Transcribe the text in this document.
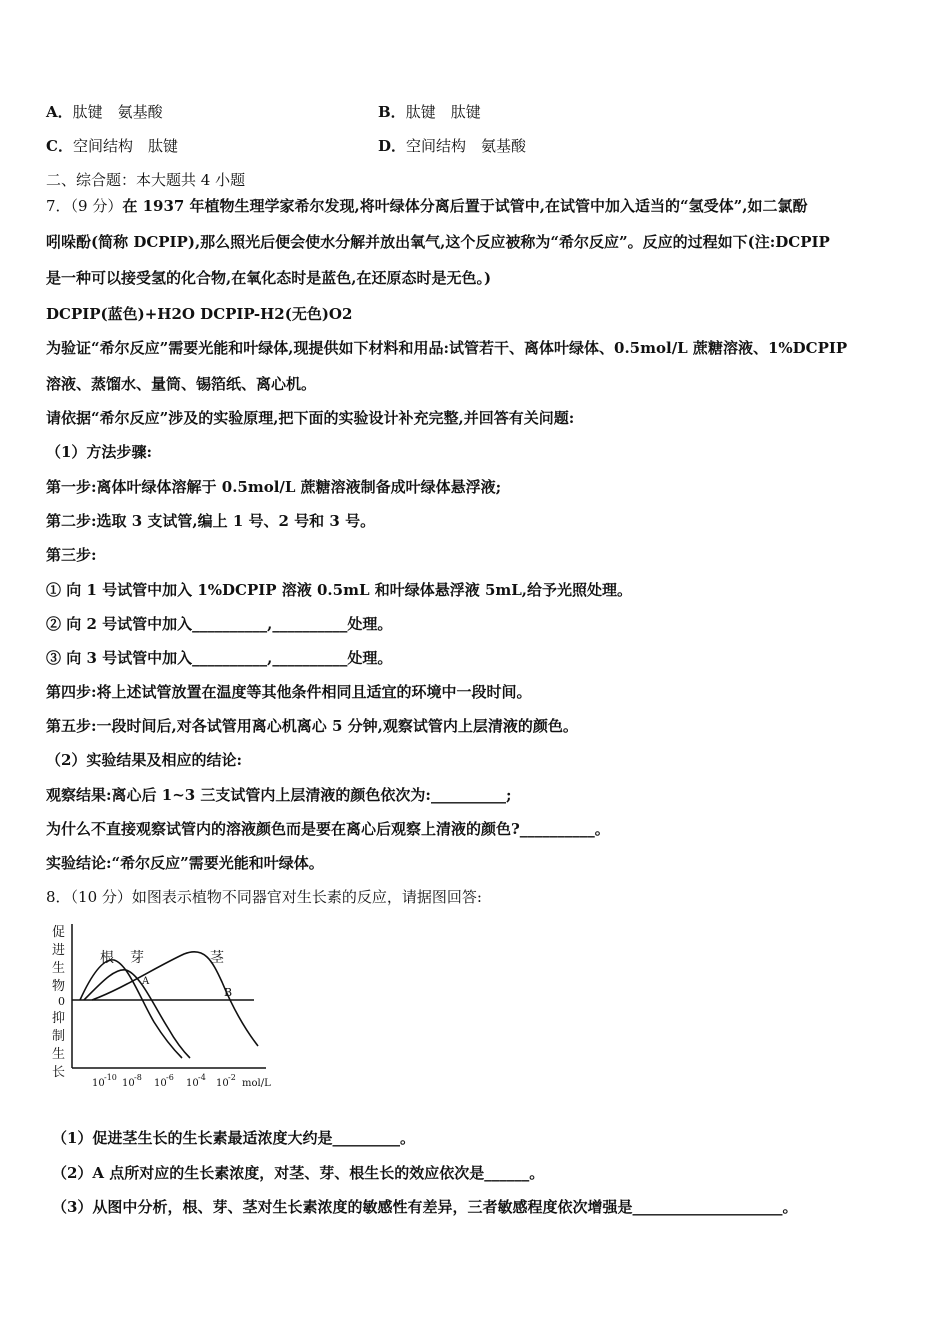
A．肽键　氨基酸	B．肽键　肽键
C．空间结构　肽键	D．空间结构　氨基酸
二、综合题：本大题共 4 小题
7．（9 分）在 1937 年植物生理学家希尔发现,将叶绿体分离后置于试管中,在试管中加入适当的“氢受体”,如二氯酚
吲哚酚(简称 DCPIP),那么照光后便会使水分解并放出氧气,这个反应被称为“希尔反应”。反应的过程如下(注:DCPIP
是一种可以接受氢的化合物,在氧化态时是蓝色,在还原态时是无色。)
DCPIP(蓝色)+H2O DCPIP-H2(无色)O2
为验证“希尔反应”需要光能和叶绿体,现提供如下材料和用品:试管若干、离体叶绿体、0.5mol/L 蔗糖溶液、1%DCPIP
溶液、蒸馏水、量筒、锡箔纸、离心机。
请依据“希尔反应”涉及的实验原理,把下面的实验设计补充完整,并回答有关问题:
（1）方法步骤:
第一步:离体叶绿体溶解于 0.5mol/L 蔗糖溶液制备成叶绿体悬浮液;
第二步:选取 3 支试管,编上 1 号、2 号和 3 号。
第三步:
① 向 1 号试管中加入 1%DCPIP 溶液 0.5mL 和叶绿体悬浮液 5mL,给予光照处理。
② 向 2 号试管中加入__________,__________处理。
③ 向 3 号试管中加入__________,__________处理。
第四步:将上述试管放置在温度等其他条件相同且适宜的环境中一段时间。
第五步:一段时间后,对各试管用离心机离心 5 分钟,观察试管内上层清液的颜色。
（2）实验结果及相应的结论:
观察结果:离心后 1~3 三支试管内上层清液的颜色依次为:__________;
为什么不直接观察试管内的溶液颜色而是要在离心后观察上清液的颜色?__________。
实验结论:“希尔反应”需要光能和叶绿体。
8．（10 分）如图表示植物不同器官对生长素的反应，请据图回答:
促
进
生
物
0
抑
制
生
长
根 芽	茎
A
B
10
-10
10
-8
10
-6
10
-4
10
-2
mol/L
（1）促进茎生长的生长素最适浓度大约是_________。
（2）A 点所对应的生长素浓度，对茎、芽、根生长的效应依次是______。
（3）从图中分析，根、芽、茎对生长素浓度的敏感性有差异，三者敏感程度依次增强是____________________。
